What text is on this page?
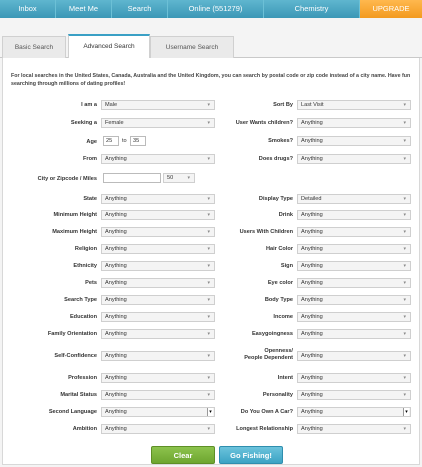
Inbox	Meet Me	Search	Online (551279)	Chemistry	UPGRADE
Basic Search	Advanced Search	Username Search
For local searches in the United States, Canada, Australia and the United Kingdom, you can search by postal code or zip code instead of a city name. Have fun searching through millions of dating profiles!
Age	25	to	35
City or Zipcode / Miles	50	▾
Clear	Go Fishing!
I am a	Male	▾
Seeking a	Female	▾
From	Anything	▾
State	Anything	▾
Minimum Height	Anything	▾
Maximum Height	Anything	▾
Religion	Anything	▾
Ethnicity	Anything	▾
Pets	Anything	▾
Search Type	Anything	▾
Education	Anything	▾
Family Orientation	Anything	▾
Self-Confidence	Anything	▾
Profession	Anything	▾
Marital Status	Anything	▾
Second Language	Anything	▾
Ambition	Anything	▾
Sort By	Last Visit	▾
User Wants children?	Anything	▾
Smokes?	Anything	▾
Does drugs?	Anything	▾
Display Type	Detailed	▾
Drink	Anything	▾
Users With Children	Anything	▾
Hair Color	Anything	▾
Sign	Anything	▾
Eye color	Anything	▾
Body Type	Anything	▾
Income	Anything	▾
Easygoingness	Anything	▾
Openness/
People Dependent	Anything	▾
Intent	Anything	▾
Personality	Anything	▾
Do You Own A Car?	Anything	▾
Longest Relationship	Anything	▾
